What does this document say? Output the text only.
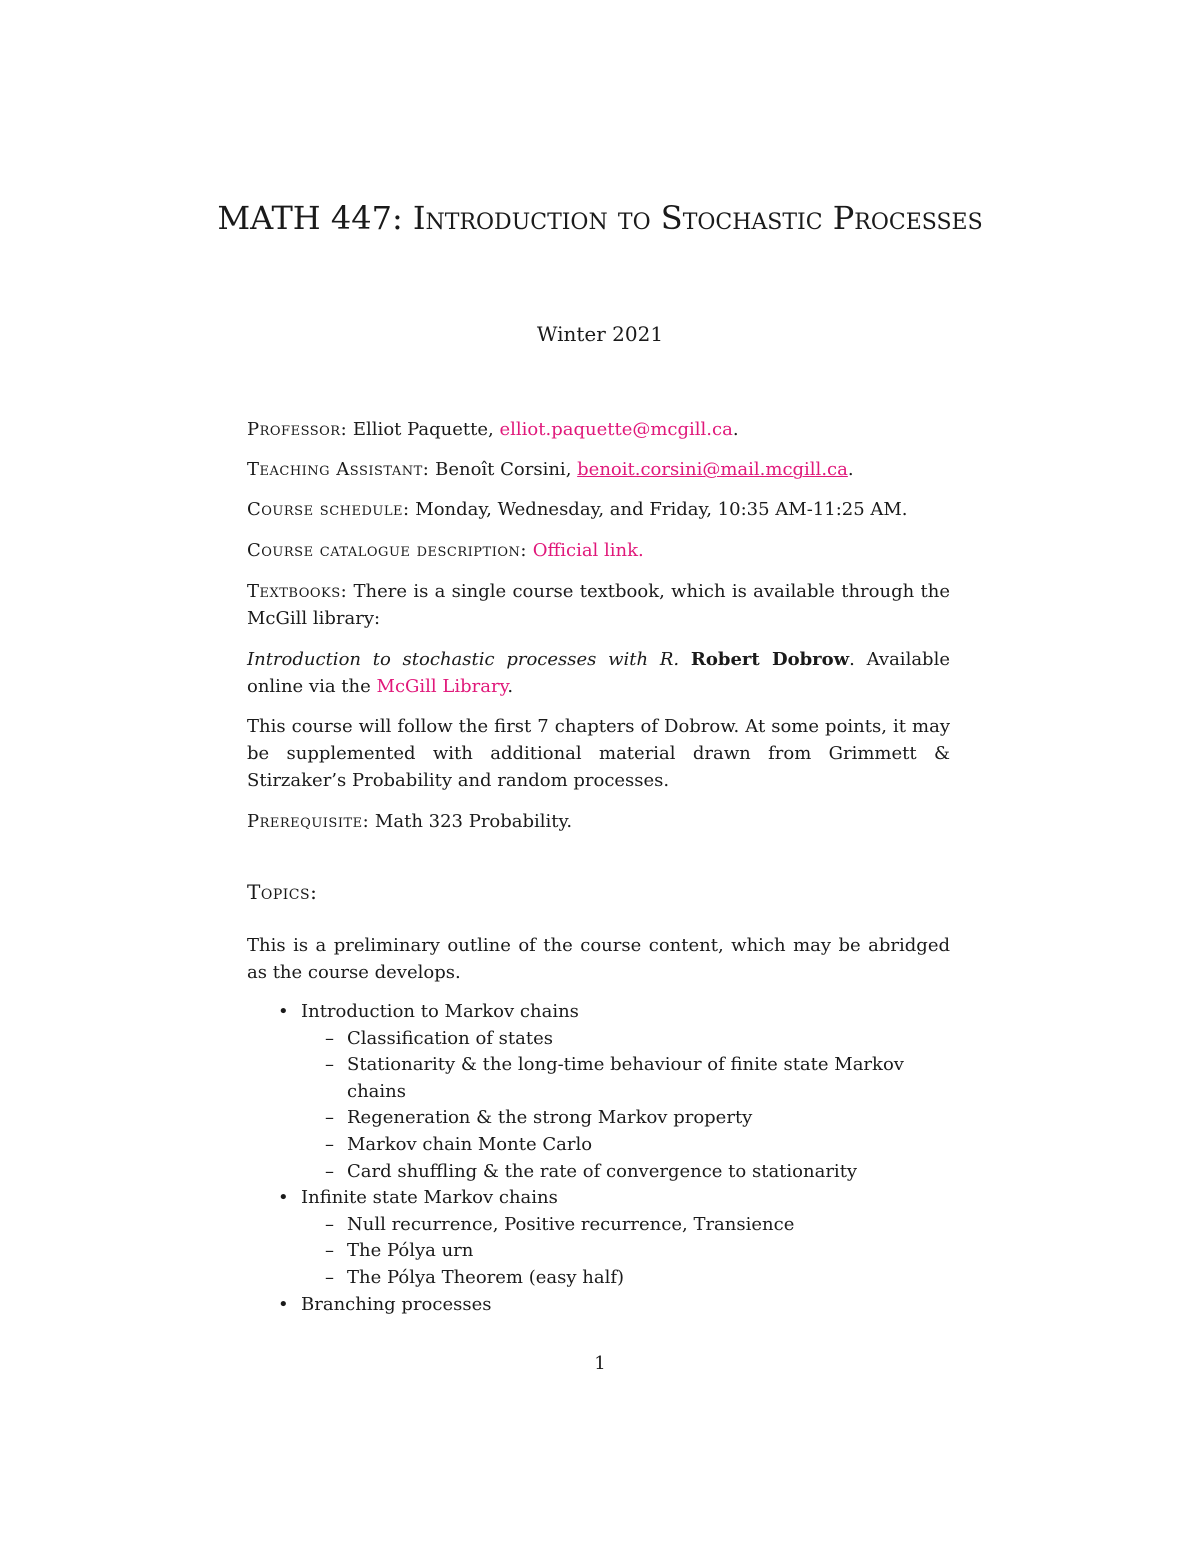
MATH 447: Introduction to Stochastic Processes
Winter 2021
Professor: Elliot Paquette, elliot.paquette@mcgill.ca.
Teaching Assistant: Benoît Corsini, benoit.corsini@mail.mcgill.ca.
Course schedule: Monday, Wednesday, and Friday, 10:35 AM-11:25 AM.
Course catalogue description: Official link.
Textbooks: There is a single course textbook, which is available through the McGill library:
Introduction to stochastic processes with R. Robert Dobrow. Available online via the McGill Library.
This course will follow the first 7 chapters of Dobrow. At some points, it may be supplemented with additional material drawn from Grimmett & Stirzaker’s Probability and random processes.
Prerequisite: Math 323 Probability.
Topics:
This is a preliminary outline of the course content, which may be abridged as the course develops.
• Introduction to Markov chains
– Classification of states
– Stationarity & the long-time behaviour of finite state Markov chains
– Regeneration & the strong Markov property
– Markov chain Monte Carlo
– Card shuffling & the rate of convergence to stationarity
• Infinite state Markov chains
– Null recurrence, Positive recurrence, Transience
– The Pólya urn
– The Pólya Theorem (easy half)
• Branching processes
1
